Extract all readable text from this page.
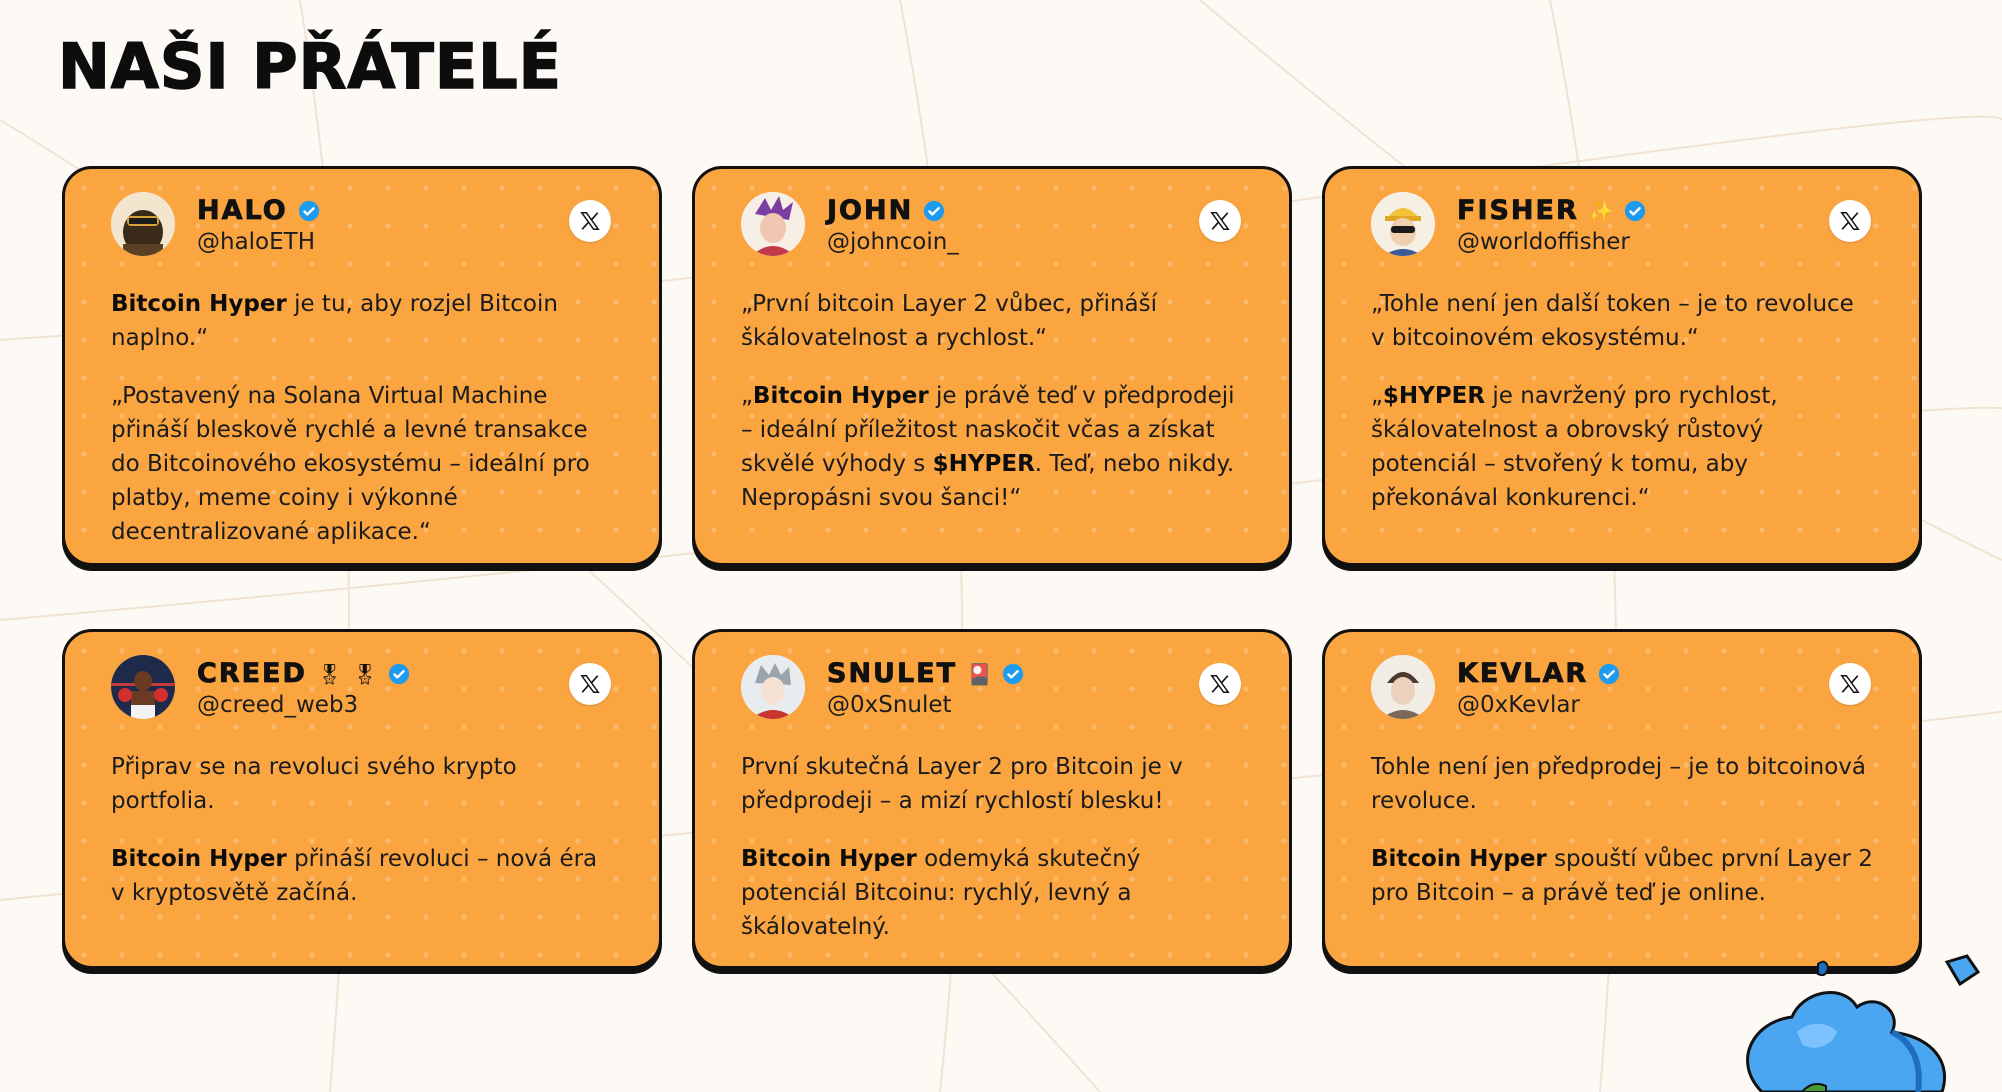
NAŠI PŘÁTELÉ
HALO
@haloETH

Bitcoin Hyper je tu, aby rozjel Bitcoin naplno.“

„Postavený na Solana Virtual Machine přináší bleskově rychlé a levné transakce do Bitcoinového ekosystému – ideální pro platby, meme coiny i výkonné decentralizované aplikace.“

JOHN
@johncoin_

„První bitcoin Layer 2 vůbec, přináší škálovatelnost a rychlost.“

„Bitcoin Hyper je právě teď v předprodeji – ideální příležitost naskočit včas a získat skvělé výhody s $HYPER. Teď, nebo nikdy. Nepropásni svou šanci!“

FISHER ✨
@worldoffisher

„Tohle není jen další token – je to revoluce v bitcoinovém ekosystému.“

„$HYPER je navržený pro rychlost, škálovatelnost a obrovský růstový potenciál – stvořený k tomu, aby překonával konkurenci.“

CREED 🎖 🎖
@creed_web3

Připrav se na revoluci svého krypto portfolia.

Bitcoin Hyper přináší revoluci – nová éra v kryptosvětě začíná.

SNULET 🎴
@0xSnulet

První skutečná Layer 2 pro Bitcoin je v předprodeji – a mizí rychlostí blesku!

Bitcoin Hyper odemyká skutečný potenciál Bitcoinu: rychlý, levný a škálovatelný.

KEVLAR
@0xKevlar

Tohle není jen předprodej – je to bitcoinová revoluce.

Bitcoin Hyper spouští vůbec první Layer 2 pro Bitcoin – a právě teď je online.
